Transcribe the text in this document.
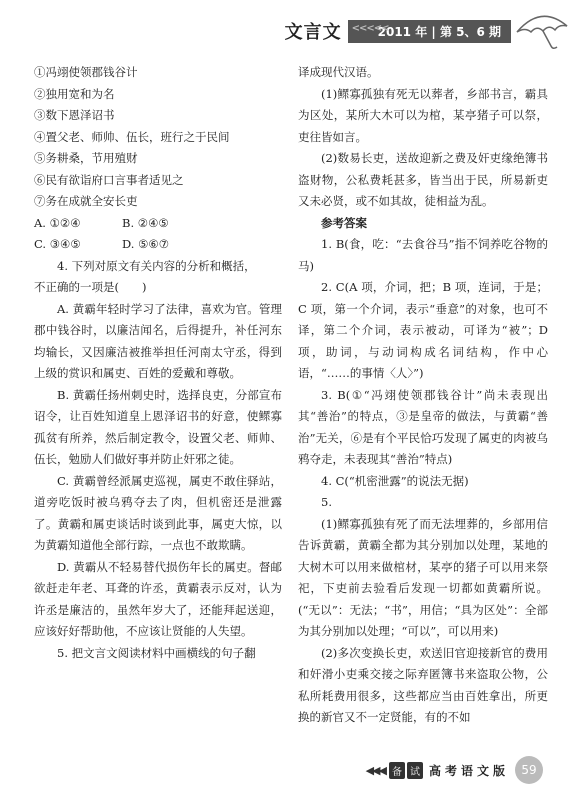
文言文
<<<<<	2011 年 | 第 5、6 期

①冯翊使领郡钱谷计

②独用宽和为名

③数下恩泽诏书

④置父老、师帅、伍长，班行之于民间

⑤务耕桑，节用殖财

⑥民有欲诣府口言事者适见之

⑦务在成就全安长吏

A. ①②④	B. ②④⑤
C. ③④⑤	D. ⑤⑥⑦

4. 下列对原文有关内容的分析和概括，

不正确的一项是(　　)

A. 黄霸年轻时学习了法律，喜欢为官。管理郡中钱谷时，以廉洁闻名，后得提升，补任河东均输长，又因廉洁被推举担任河南太守丞，得到上级的赏识和属吏、百姓的爱戴和尊敬。

B. 黄霸任扬州刺史时，选择良吏，分部宣布诏令，让百姓知道皇上恩泽诏书的好意，使鳏寡孤贫有所养，然后制定教令，设置父老、师帅、伍长，勉励人们做好事并防止奸邪之徒。

C. 黄霸曾经派属吏巡视，属吏不敢住驿站，道旁吃饭时被乌鸦夺去了肉，但机密还是泄露了。黄霸和属吏谈话时谈到此事，属吏大惊，以为黄霸知道他全部行踪，一点也不敢欺瞒。

D. 黄霸从不轻易替代损伤年长的属吏。督邮欲赶走年老、耳聋的许丞，黄霸表示反对，认为许丞是廉洁的，虽然年岁大了，还能拜起送迎，应该好好帮助他，不应该让贤能的人失望。

5. 把文言文阅读材料中画横线的句子翻

译成现代汉语。

(1)鳏寡孤独有死无以葬者，乡部书言，霸具为区处，某所大木可以为棺，某亭猪子可以祭，吏往皆如言。

(2)数易长吏，送故迎新之费及奸吏缘绝簿书盗财物，公私费耗甚多，皆当出于民，所易新吏又未必贤，或不如其故，徒相益为乱。

参考答案

1. B(食，吃：“去食谷马”指不饲养吃谷物的马)

2. C(A 项，介词，把；B 项，连词，于是；C 项，第一个介词，表示“垂意”的对象，也可不译，第二个介词，表示被动，可译为“被”；D 项，助词，与动词构成名词结构，作中心语，“……的事情〈人〉”)

3. B(①“冯翊使领郡钱谷计”尚未表现出其“善治”的特点，③是皇帝的做法，与黄霸“善治”无关，⑥是有个平民恰巧发现了属吏的肉被乌鸦夺走，未表现其“善治”特点)

4. C(“机密泄露”的说法无据)

5.

(1)鳏寡孤独有死了而无法埋葬的，乡部用信告诉黄霸，黄霸全都为其分别加以处理，某地的大树木可以用来做棺材，某亭的猪子可以用来祭祀，下吏前去验看后发现一切都如黄霸所说。(“无以”：无法；“书”，用信；“具为区处”：全部为其分别加以处理；“可以”，可以用来)

(2)多次变换长吏，欢送旧官迎接新官的费用和奸滑小吏乘交接之际弃匿簿书来盗取公物，公私所耗费用很多，这些都应当由百姓拿出，所更换的新官又不一定贤能，有的不如

◀◀◀ 备 试 高考语文版	59
